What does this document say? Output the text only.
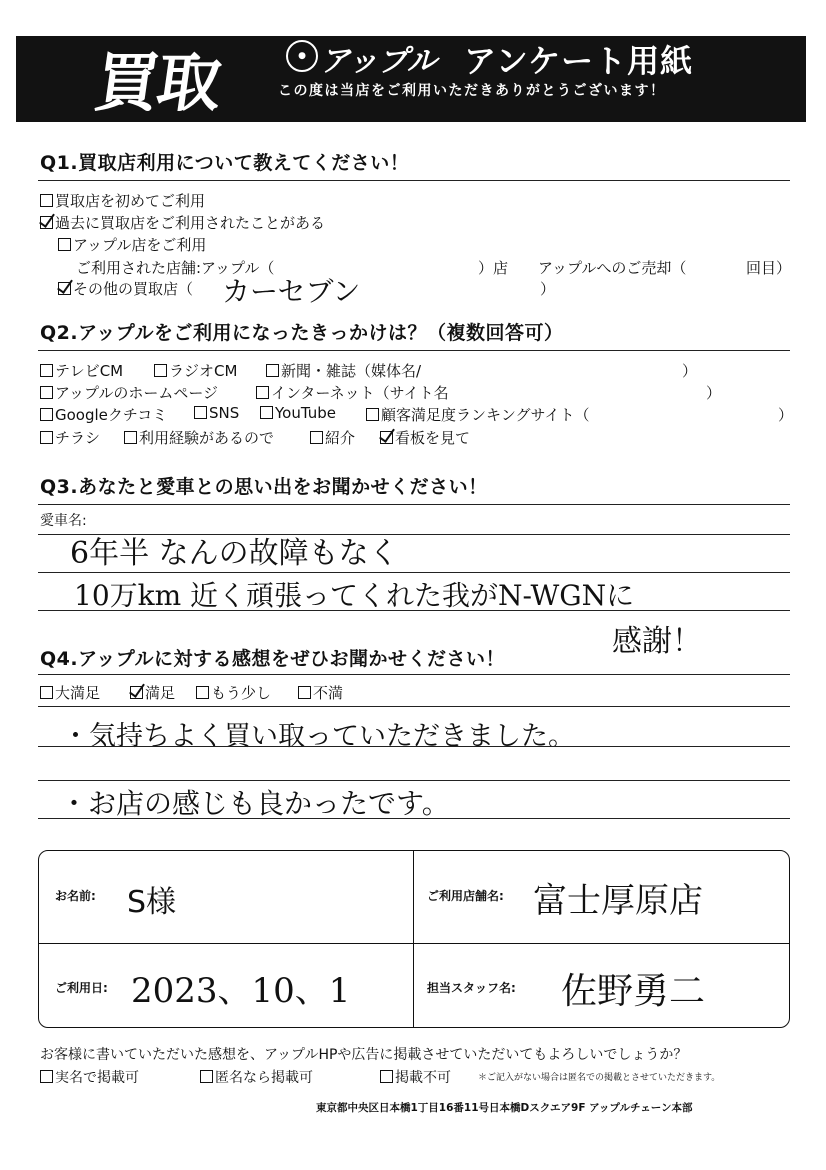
買取	● アップル アンケート用紙
この度は当店をご利用いただきありがとうございます！
Q1.買取店利用について教えてください！
買取店を初めてご利用
過去に買取店をご利用されたことがある
アップル店をご利用
ご利用された店舗:アップル（	）店 アップルへのご売却（	回目）
その他の買取店（ カーセブン	）
Q2.アップルをご利用になったきっかけは？（複数回答可）
テレビCM	ラジオCM	新聞・雑誌（媒体名/	）
アップルのホームページ	インターネット（サイト名	）
Googleクチコミ	SNS	YouTube	顧客満足度ランキングサイト（	）
チラシ	利用経験があるので	紹介	看板を見て
Q3.あなたと愛車との思い出をお聞かせください！
愛車名:
6年半 なんの故障もなく
10万km 近く頑張ってくれた我がN-WGNに
感謝！
Q4.アップルに対する感想をぜひお聞かせください！
大満足	満足	もう少し	不満
・気持ちよく買い取っていただきました。
・お店の感じも良かったです。
お名前: S様	ご利用店舗名: 富士厚原店
ご利用日: 2023、10、1	担当スタッフ名: 佐野勇二
お客様に書いていただいた感想を、アップルHPや広告に掲載させていただいてもよろしいでしょうか？
実名で掲載可	匿名なら掲載可	掲載不可	＊ご記入がない場合は匿名での掲載とさせていただきます。
東京都中央区日本橋1丁目16番11号日本橋Dスクエア9F アップルチェーン本部
